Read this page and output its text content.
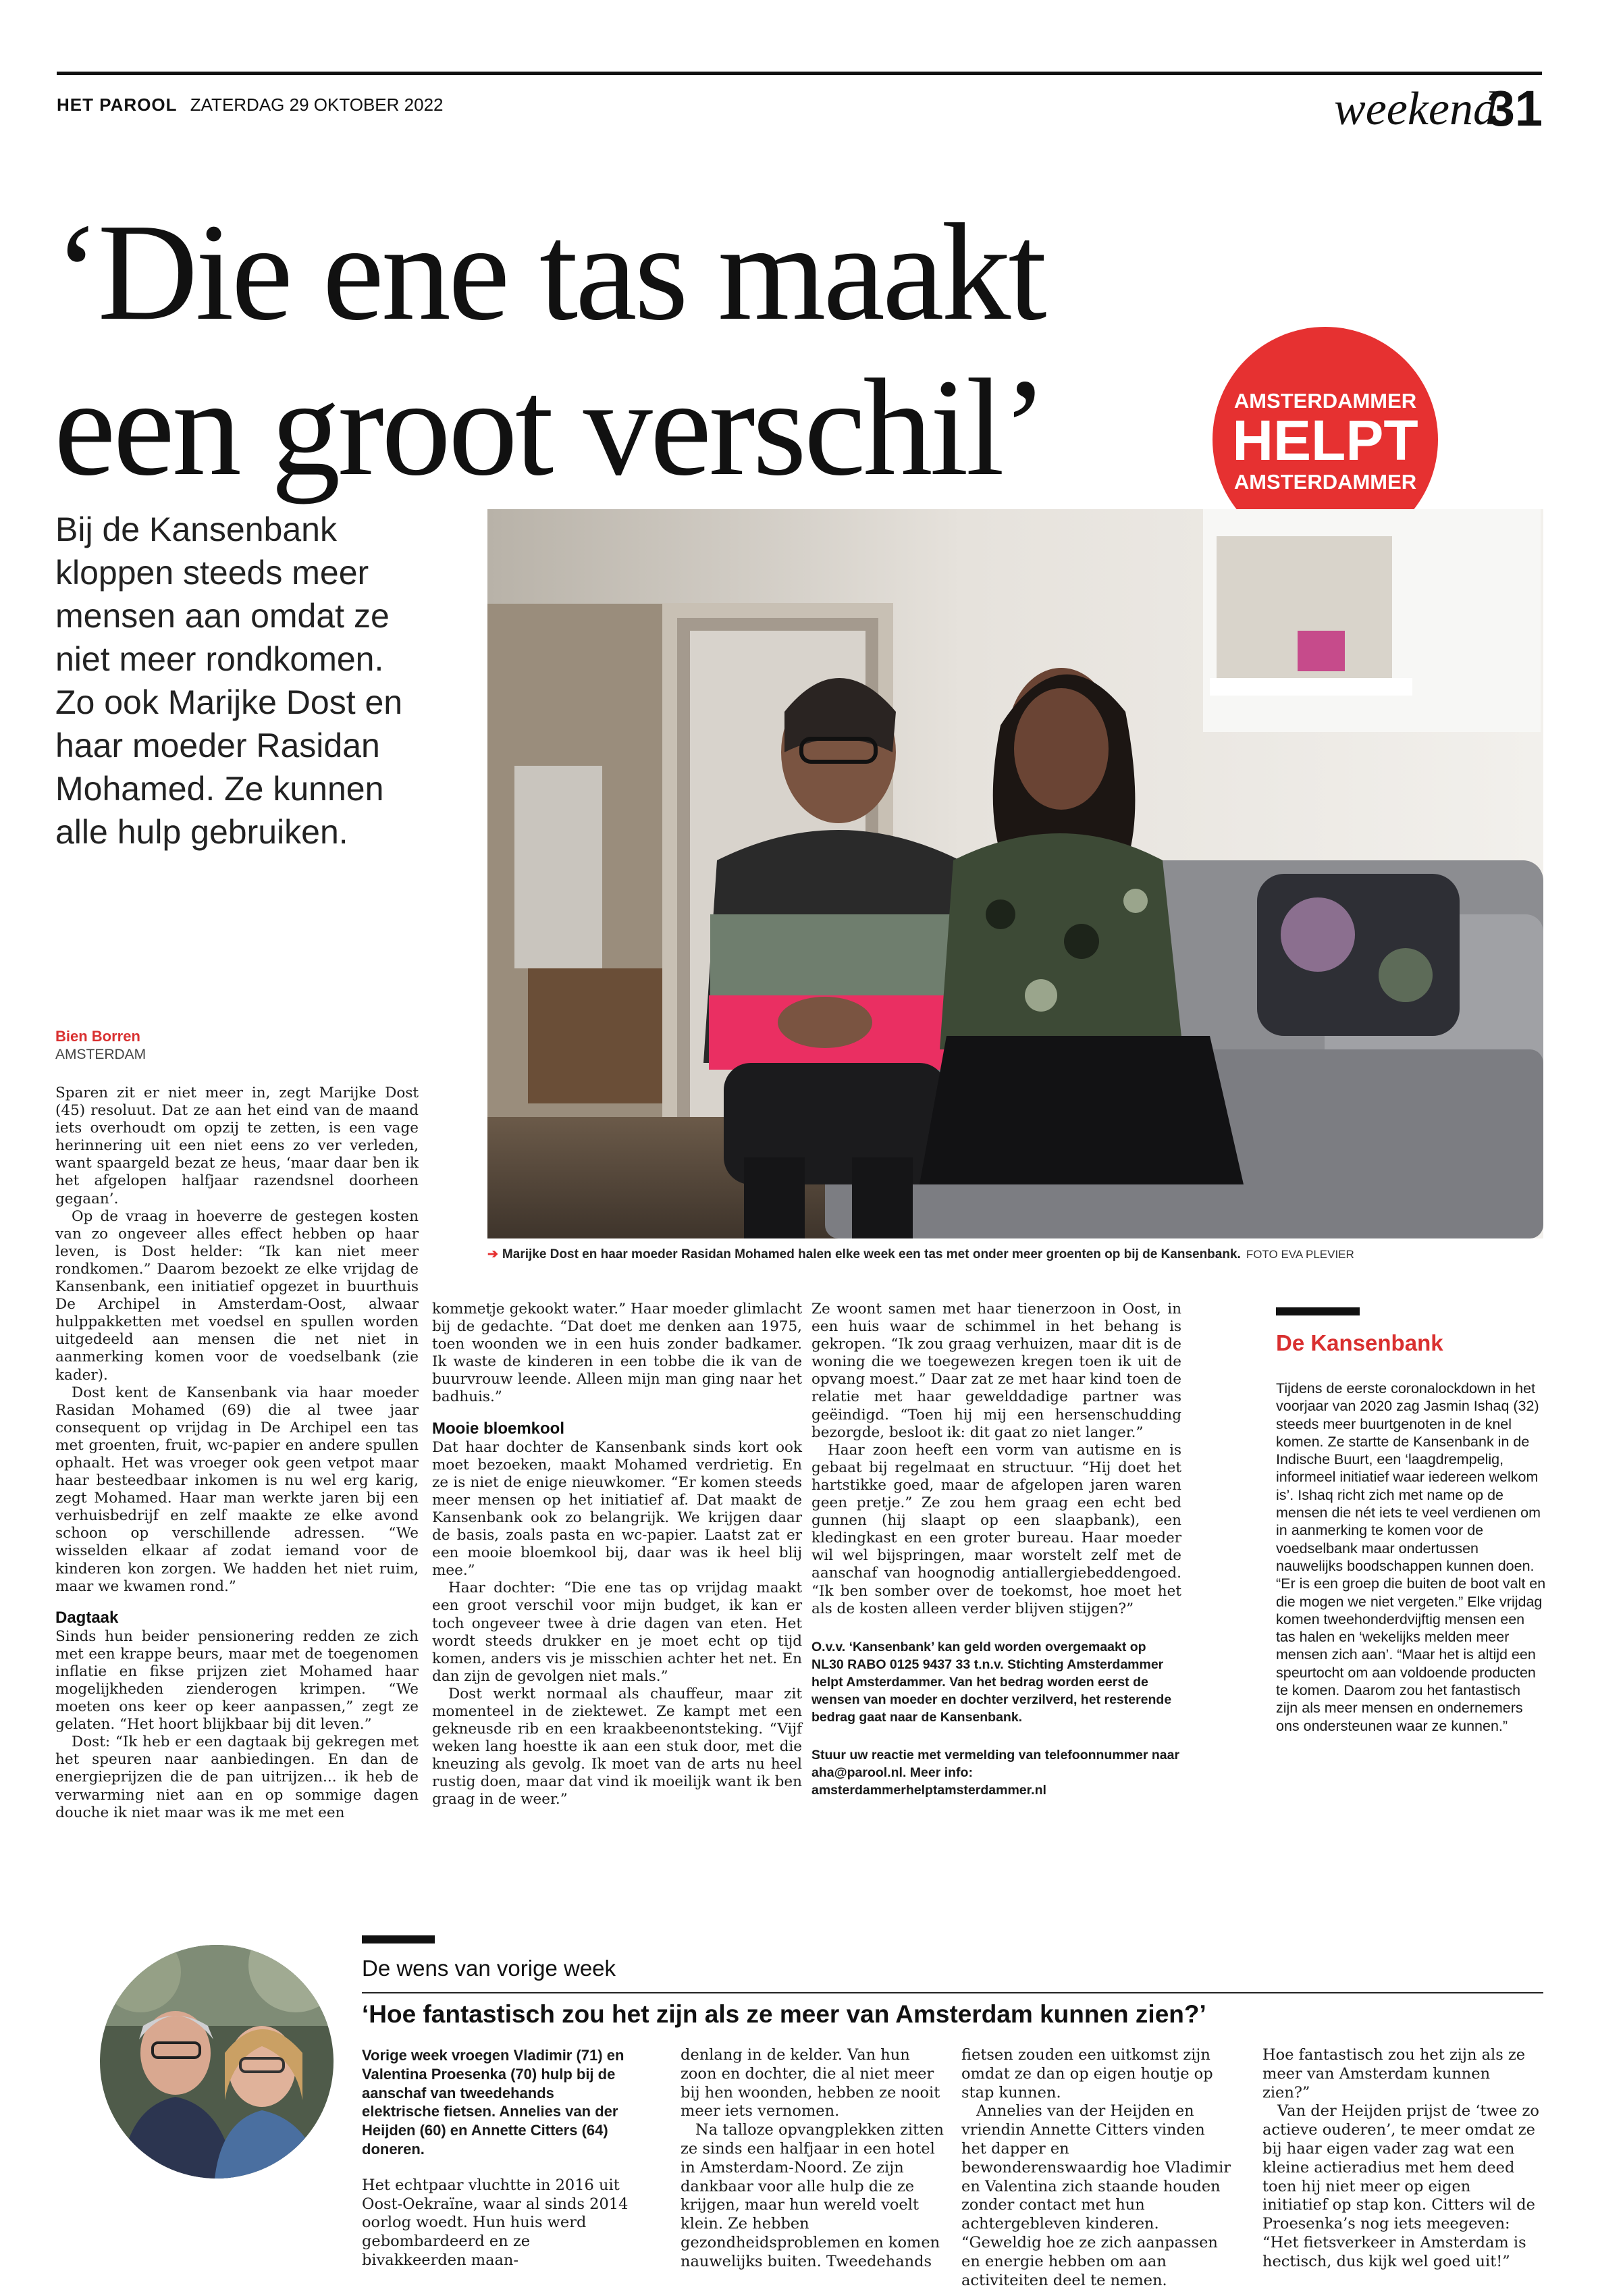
HET PAROOL ZATERDAG 29 OKTOBER 2022	weekend
31
‘Die ene tas maakt
een groot verschil’	AMSTERDAMMER
HELPT
AMSTERDAMMER
Bij de Kansenbank
kloppen steeds meer
mensen aan omdat ze
niet meer rondkomen.
Zo ook Marijke Dost en
haar moeder Rasidan
Mohamed. Ze kunnen
alle hulp gebruiken.
➔ Marijke Dost en haar moeder Rasidan Mohamed halen elke week een tas met onder meer groenten op bij de Kansenbank. FOTO EVA PLEVIER
Bien Borren
AMSTERDAM

Sparen zit er niet meer in, zegt Marijke Dost (45) resoluut. Dat ze aan het eind van de maand iets overhoudt om opzij te zetten, is een vage herinnering uit een niet eens zo ver verleden, want spaargeld bezat ze heus, ‘maar daar ben ik het afgelopen halfjaar razendsnel doorheen gegaan’.

Op de vraag in hoeverre de gestegen kosten van zo ongeveer alles effect hebben op haar leven, is Dost helder: “Ik kan niet meer rondkomen.” Daarom bezoekt ze elke vrijdag de Kansenbank, een initiatief opgezet in buurthuis De Archipel in Amsterdam-Oost, alwaar hulppakketten met voedsel en spullen worden uitgedeeld aan mensen die net niet in aanmerking komen voor de voedselbank (zie kader).

Dost kent de Kansenbank via haar moeder Rasidan Mohamed (69) die al twee jaar consequent op vrijdag in De Archipel een tas met groenten, fruit, wc-papier en andere spullen ophaalt. Het was vroeger ook geen vetpot maar haar besteedbaar inkomen is nu wel erg karig, zegt Mohamed. Haar man werkte jaren bij een verhuisbedrijf en zelf maakte ze elke avond schoon op verschillende adressen. “We wisselden elkaar af zodat iemand voor de kinderen kon zorgen. We hadden het niet ruim, maar we kwamen rond.”

Dagtaak

Sinds hun beider pensionering redden ze zich met een krappe beurs, maar met de toegenomen inflatie en fikse prijzen ziet Mohamed haar mogelijkheden zienderogen krimpen. “We moeten ons keer op keer aanpassen,” zegt ze gelaten. “Het hoort blijkbaar bij dit leven.”

Dost: “Ik heb er een dagtaak bij gekregen met het speuren naar aanbiedingen. En dan de energieprijzen die de pan uitrijzen... ik heb de verwarming niet aan en op sommige dagen douche ik niet maar was ik me met een

kommetje gekookt water.” Haar moeder glimlacht bij de gedachte. “Dat doet me denken aan 1975, toen woonden we in een huis zonder badkamer. Ik waste de kinderen in een tobbe die ik van de buurvrouw leende. Alleen mijn man ging naar het badhuis.”

Mooie bloemkool

Dat haar dochter de Kansenbank sinds kort ook moet bezoeken, maakt Mohamed verdrietig. En ze is niet de enige nieuwkomer. “Er komen steeds meer mensen op het initiatief af. Dat maakt de Kansenbank ook zo belangrijk. We krijgen daar de basis, zoals pasta en wc-papier. Laatst zat er een mooie bloemkool bij, daar was ik heel blij mee.”

Haar dochter: “Die ene tas op vrijdag maakt een groot verschil voor mijn budget, ik kan er toch ongeveer twee à drie dagen van eten. Het wordt steeds drukker en je moet echt op tijd komen, anders vis je misschien achter het net. En dan zijn de gevolgen niet mals.”

Dost werkt normaal als chauffeur, maar zit momenteel in de ziektewet. Ze kampt met een gekneusde rib en een kraakbeenontsteking. “Vijf weken lang hoestte ik aan een stuk door, met die kneuzing als gevolg. Ik moet van de arts nu heel rustig doen, maar dat vind ik moeilijk want ik ben graag in de weer.”

Ze woont samen met haar tienerzoon in Oost, in een huis waar de schimmel in het behang is gekropen. “Ik zou graag verhuizen, maar dit is de woning die we toegewezen kregen toen ik uit de opvang moest.” Daar zat ze met haar kind toen de relatie met haar gewelddadige partner was geëindigd. “Toen hij mij een hersenschudding bezorgde, besloot ik: dit gaat zo niet langer.”

Haar zoon heeft een vorm van autisme en is gebaat bij regelmaat en structuur. “Hij doet het hartstikke goed, maar de afgelopen jaren waren geen pretje.” Ze zou hem graag een echt bed gunnen (hij slaapt op een slaapbank), een kledingkast en een groter bureau. Haar moeder wil wel bijspringen, maar worstelt zelf met de aanschaf van hoognodig antiallergiebeddengoed. “Ik ben somber over de toekomst, hoe moet het als de kosten alleen verder blijven stijgen?”

O.v.v. ‘Kansenbank’ kan geld worden overgemaakt op NL30 RABO 0125 9437 33 t.n.v. Stichting Amsterdammer helpt Amsterdammer. Van het bedrag worden eerst de wensen van moeder en dochter verzilverd, het resterende bedrag gaat naar de Kansenbank.

Stuur uw reactie met vermelding van telefoonnummer naar aha@parool.nl. Meer info: amsterdammerhelptamsterdammer.nl

De Kansenbank
Tijdens de eerste coronalockdown in het voorjaar van 2020 zag Jasmin Ishaq (32) steeds meer buurtgenoten in de knel komen. Ze startte de Kansenbank in de Indische Buurt, een ‘laagdrempelig, informeel initiatief waar iedereen welkom is’. Ishaq richt zich met name op de mensen die nét iets te veel verdienen om in aanmerking te komen voor de voedselbank maar ondertussen nauwelijks boodschappen kunnen doen. “Er is een groep die buiten de boot valt en die mogen we niet vergeten.” Elke vrijdag komen tweehonderdvijftig mensen een tas halen en ‘wekelijks melden meer mensen zich aan’. “Maar het is altijd een speurtocht om aan voldoende producten te komen. Daarom zou het fantastisch zijn als meer mensen en ondernemers ons ondersteunen waar ze kunnen.”
De wens van vorige week
‘Hoe fantastisch zou het zijn als ze meer van Amsterdam kunnen zien?’

Vorige week vroegen Vladimir (71) en Valentina Proesenka (70) hulp bij de aanschaf van tweedehands elektrische fietsen. Annelies van der Heijden (60) en Annette Citters (64) doneren.

Het echtpaar vluchtte in 2016 uit Oost-Oekraïne, waar al sinds 2014 oorlog woedt. Hun huis werd gebombardeerd en ze bivakkeerden maan-

denlang in de kelder. Van hun zoon en dochter, die al niet meer bij hen woonden, hebben ze nooit meer iets vernomen.

Na talloze opvangplekken zitten ze sinds een halfjaar in een hotel in Amsterdam-Noord. Ze zijn dankbaar voor alle hulp die ze krijgen, maar hun wereld voelt klein. Ze hebben gezondheidsproblemen en komen nauwelijks buiten. Tweedehands

fietsen zouden een uitkomst zijn omdat ze dan op eigen houtje op stap kunnen.

Annelies van der Heijden en vriendin Annette Citters vinden het dapper en bewonderenswaardig hoe Vladimir en Valentina zich staande houden zonder contact met hun achtergebleven kinderen. “Geweldig hoe ze zich aanpassen en energie hebben om aan activiteiten deel te nemen.

Hoe fantastisch zou het zijn als ze meer van Amsterdam kunnen zien?”

Van der Heijden prijst de ‘twee zo actieve ouderen’, te meer omdat ze bij haar eigen vader zag wat een kleine actieradius met hem deed toen hij niet meer op eigen initiatief op stap kon. Citters wil de Proesenka’s nog iets meegeven: “Het fietsverkeer in Amsterdam is hectisch, dus kijk wel goed uit!”
